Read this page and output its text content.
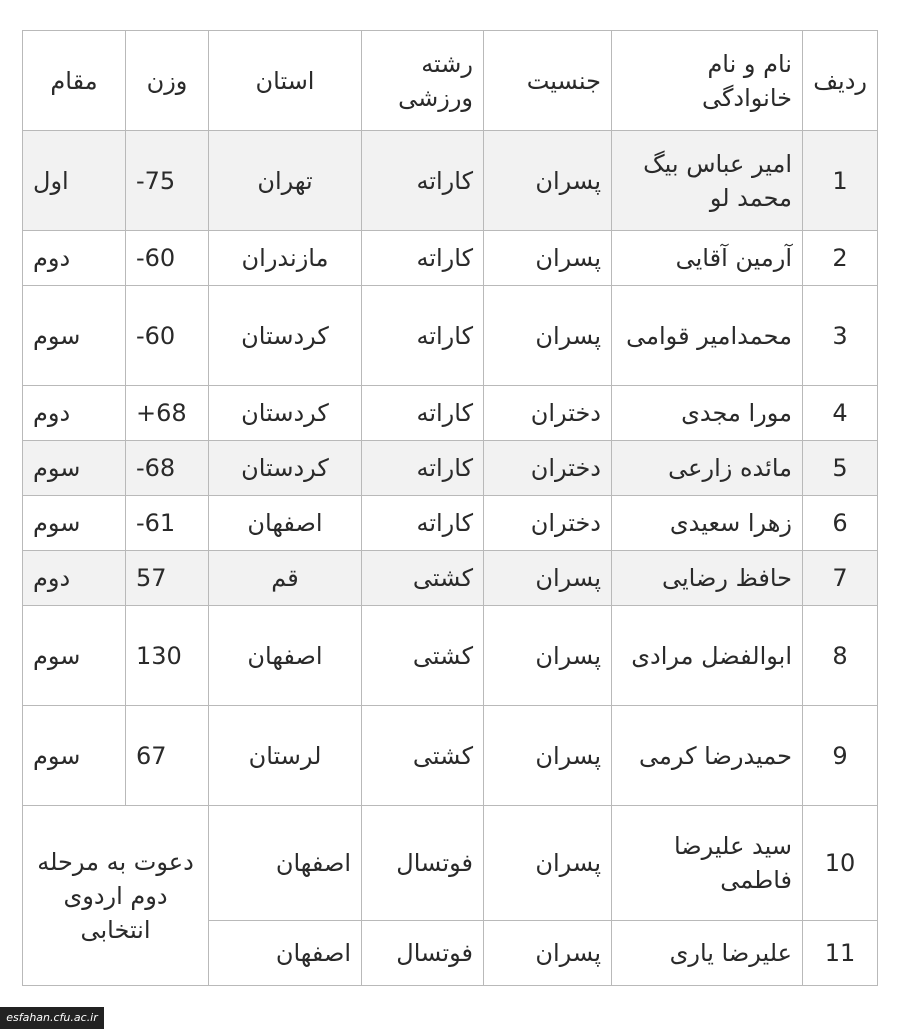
ردیف	نام و نام خانوادگی	جنسیت	رشته ورزشی	استان	وزن	مقام
1	امیر عباس بیگ محمد لو	پسران	کاراته	تهران	-75	اول
2	آرمین آقایی	پسران	کاراته	مازندران	-60	دوم
3	محمدامیر قوامی	پسران	کاراته	کردستان	-60	سوم
4	مورا مجدی	دختران	کاراته	کردستان	+68	دوم
5	مائده زارعی	دختران	کاراته	کردستان	-68	سوم
6	زهرا سعیدی	دختران	کاراته	اصفهان	-61	سوم
7	حافظ رضایی	پسران	کشتی	قم	57	دوم
8	ابوالفضل مرادی	پسران	کشتی	اصفهان	130	سوم
9	حمیدرضا کرمی	پسران	کشتی	لرستان	67	سوم
10	سید علیرضا فاطمی	پسران	فوتسال	اصفهان	دعوت به مرحله دوم اردوی انتخابی	
11	علیرضا یاری	پسران	فوتسال	اصفهان		
esfahan.cfu.ac.ir
